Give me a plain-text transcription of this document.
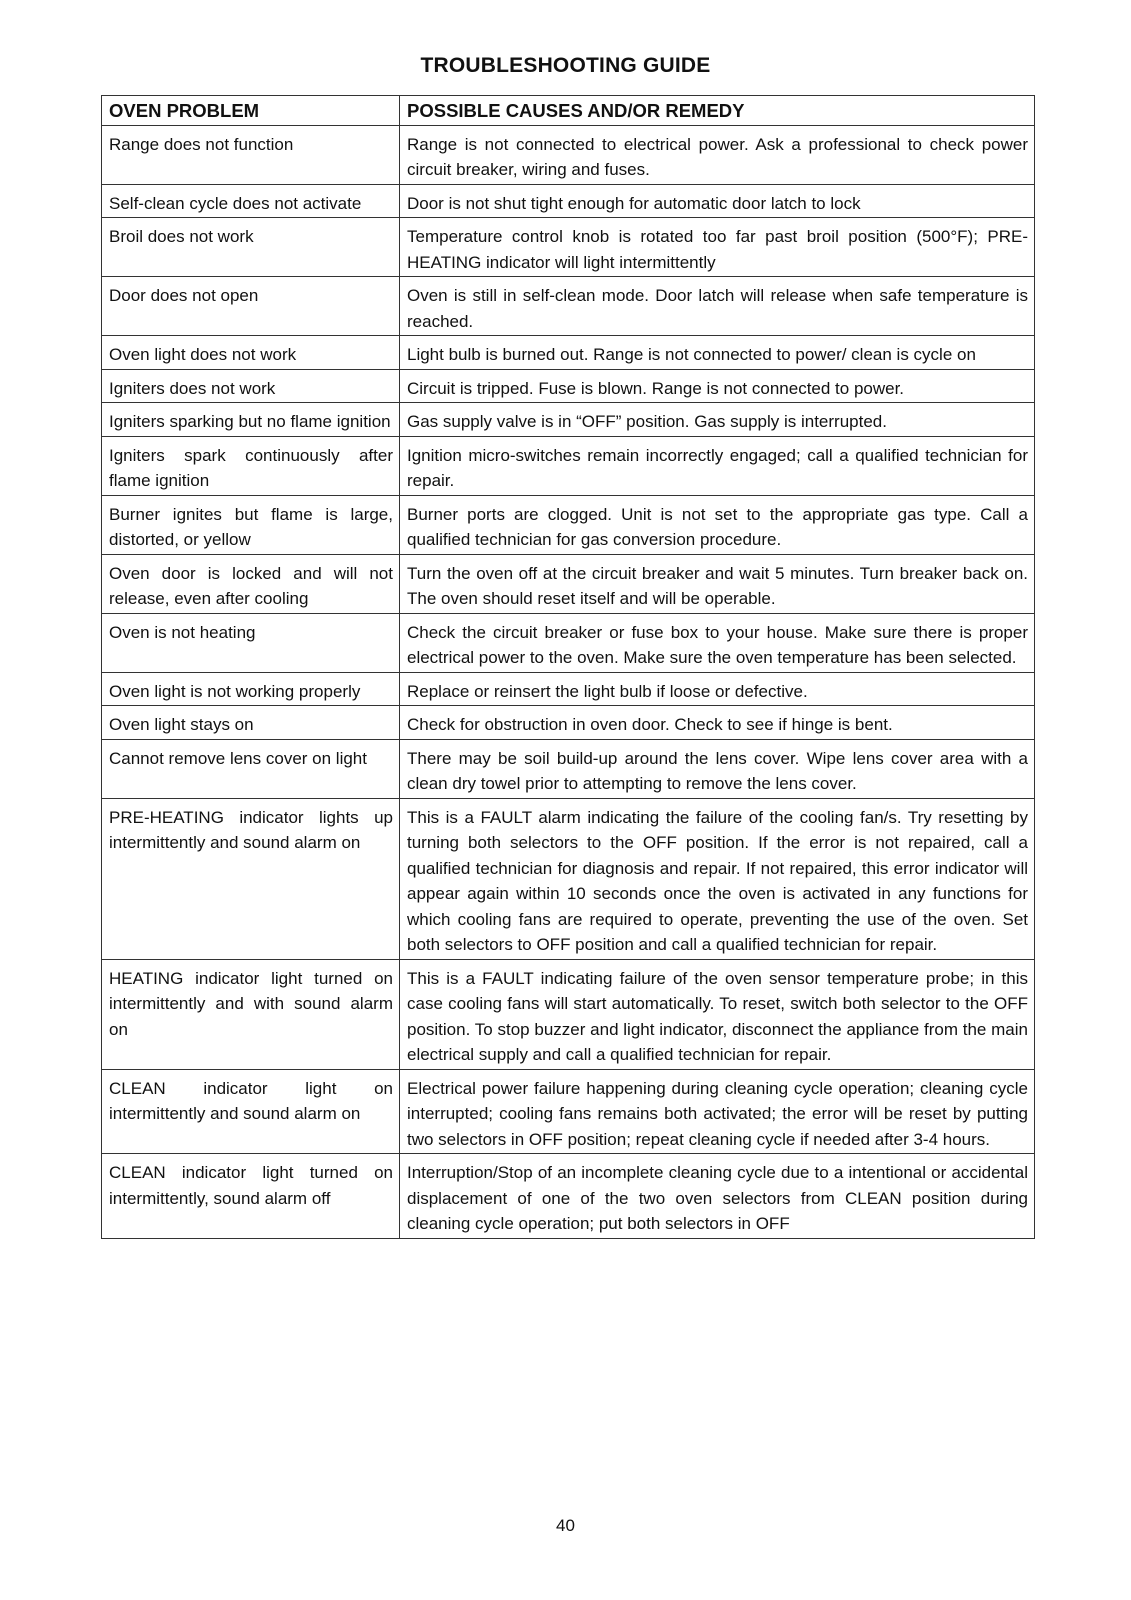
TROUBLESHOOTING GUIDE
OVEN PROBLEM	POSSIBLE CAUSES AND/OR REMEDY
Range does not function	Range is not connected to electrical power. Ask a professional to check power circuit breaker, wiring and fuses.
Self-clean cycle does not activate	Door is not shut tight enough for automatic door latch to lock
Broil does not work	Temperature control knob is rotated too far past broil position (500°F); PRE-HEATING indicator will light intermittently
Door does not open	Oven is still in self-clean mode. Door latch will release when safe temperature is reached.
Oven light does not work	Light bulb is burned out. Range is not connected to power/ clean is cycle on
Igniters does not work	Circuit is tripped. Fuse is blown. Range is not connected to power.
Igniters sparking but no flame ignition	Gas supply valve is in “OFF” position. Gas supply is interrupted.
Igniters spark continuously after flame ignition	Ignition micro-switches remain incorrectly engaged; call a qualified technician for repair.
Burner ignites but flame is large, distorted, or yellow	Burner ports are clogged. Unit is not set to the appropriate gas type. Call a qualified technician for gas conversion procedure.
Oven door is locked and will not release, even after cooling	Turn the oven off at the circuit breaker and wait 5 minutes. Turn breaker back on. The oven should reset itself and will be operable.
Oven is not heating	Check the circuit breaker or fuse box to your house. Make sure there is proper electrical power to the oven. Make sure the oven temperature has been selected.
Oven light is not working properly	Replace or reinsert the light bulb if loose or defective.
Oven light stays on	Check for obstruction in oven door. Check to see if hinge is bent.
Cannot remove lens cover on light	There may be soil build-up around the lens cover. Wipe lens cover area with a clean dry towel prior to attempting to remove the lens cover.
PRE-HEATING indicator lights up intermittently and sound alarm on	This is a FAULT alarm indicating the failure of the cooling fan/s. Try resetting by turning both selectors to the OFF position. If the error is not repaired, call a qualified technician for diagnosis and repair. If not repaired, this error indicator will appear again within 10 seconds once the oven is activated in any functions for which cooling fans are required to operate, preventing the use of the oven. Set both selectors to OFF position and call a qualified technician for repair.
HEATING indicator light turned on intermittently and with sound alarm on	This is a FAULT indicating failure of the oven sensor temperature probe; in this case cooling fans will start automatically. To reset, switch both selector to the OFF position. To stop buzzer and light indicator, disconnect the appliance from the main electrical supply and call a qualified technician for repair.
CLEAN indicator light on intermittently and sound alarm on	Electrical power failure happening during cleaning cycle operation; cleaning cycle interrupted; cooling fans remains both activated; the error will be reset by putting two selectors in OFF position; repeat cleaning cycle if needed after 3-4 hours.
CLEAN indicator light turned on intermittently, sound alarm off	Interruption/Stop of an incomplete cleaning cycle due to a intentional or accidental displacement of one of the two oven selectors from CLEAN position during cleaning cycle operation; put both selectors in OFF
40
